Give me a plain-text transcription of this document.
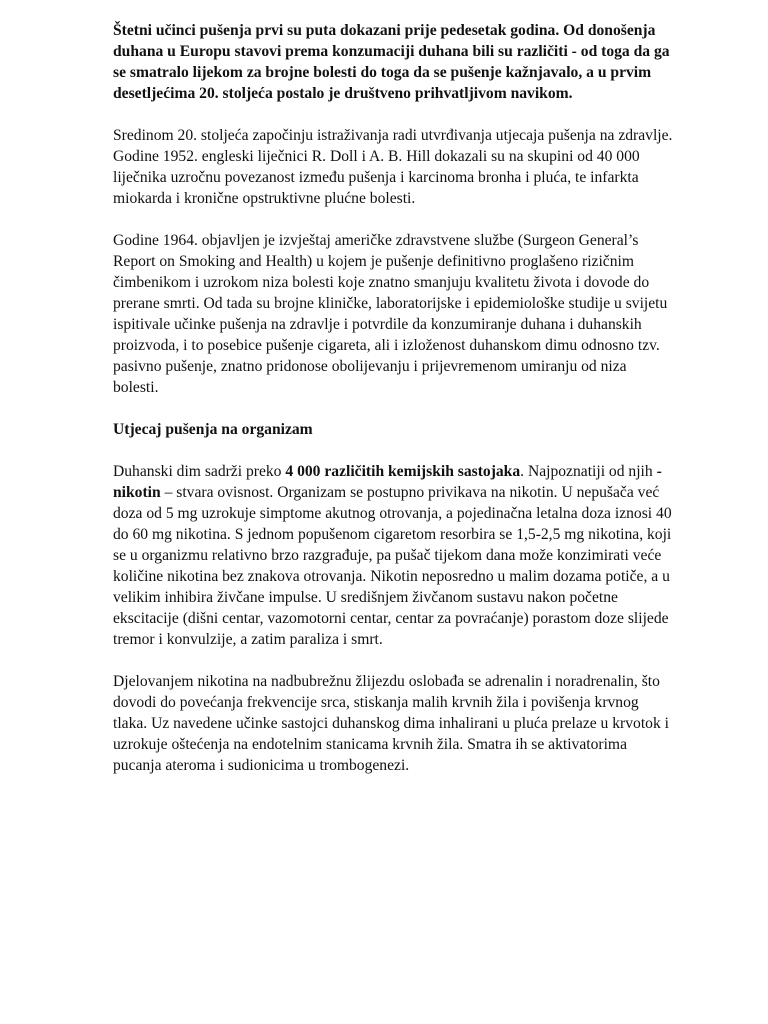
Štetni učinci pušenja prvi su puta dokazani prije pedesetak godina. Od donošenja duhana u Europu stavovi prema konzumaciji duhana bili su različiti - od toga da ga se smatralo lijekom za brojne bolesti do toga da se pušenje kažnjavalo, a u prvim desetljećima 20. stoljeća postalo je društveno prihvatljivom navikom.

Sredinom 20. stoljeća započinju istraživanja radi utvrđivanja utjecaja pušenja na zdravlje. Godine 1952. engleski liječnici R. Doll i A. B. Hill dokazali su na skupini od 40 000 liječnika uzročnu povezanost između pušenja i karcinoma bronha i pluća, te infarkta miokarda i kronične opstruktivne plućne bolesti.

Godine 1964. objavljen je izvještaj američke zdravstvene službe (Surgeon General’s Report on Smoking and Health) u kojem je pušenje definitivno proglašeno rizičnim čimbenikom i uzrokom niza bolesti koje znatno smanjuju kvalitetu života i dovode do prerane smrti. Od tada su brojne kliničke, laboratorijske i epidemiološke studije u svijetu ispitivale učinke pušenja na zdravlje i potvrdile da konzumiranje duhana i duhanskih proizvoda, i to posebice pušenje cigareta, ali i izloženost duhanskom dimu odnosno tzv. pasivno pušenje, znatno pridonose obolijevanju i prijevremenom umiranju od niza bolesti.

Utjecaj pušenja na organizam

Duhanski dim sadrži preko 4 000 različitih kemijskih sastojaka. Najpoznatiji od njih - nikotin – stvara ovisnost. Organizam se postupno privikava na nikotin. U nepušača već doza od 5 mg uzrokuje simptome akutnog otrovanja, a pojedinačna letalna doza iznosi 40 do 60 mg nikotina. S jednom popušenom cigaretom resorbira se 1,5-2,5 mg nikotina, koji se u organizmu relativno brzo razgrađuje, pa pušač tijekom dana može konzimirati veće količine nikotina bez znakova otrovanja. Nikotin neposredno u malim dozama potiče, a u velikim inhibira živčane impulse. U središnjem živčanom sustavu nakon početne ekscitacije (dišni centar, vazomotorni centar, centar za povraćanje) porastom doze slijede tremor i konvulzije, a zatim paraliza i smrt.

Djelovanjem nikotina na nadbubrežnu žlijezdu oslobađa se adrenalin i noradrenalin, što dovodi do povećanja frekvencije srca, stiskanja malih krvnih žila i povišenja krvnog tlaka. Uz navedene učinke sastojci duhanskog dima inhalirani u pluća prelaze u krvotok i uzrokuje oštećenja na endotelnim stanicama krvnih žila. Smatra ih se aktivatorima pucanja ateroma i sudionicima u trombogenezi.
